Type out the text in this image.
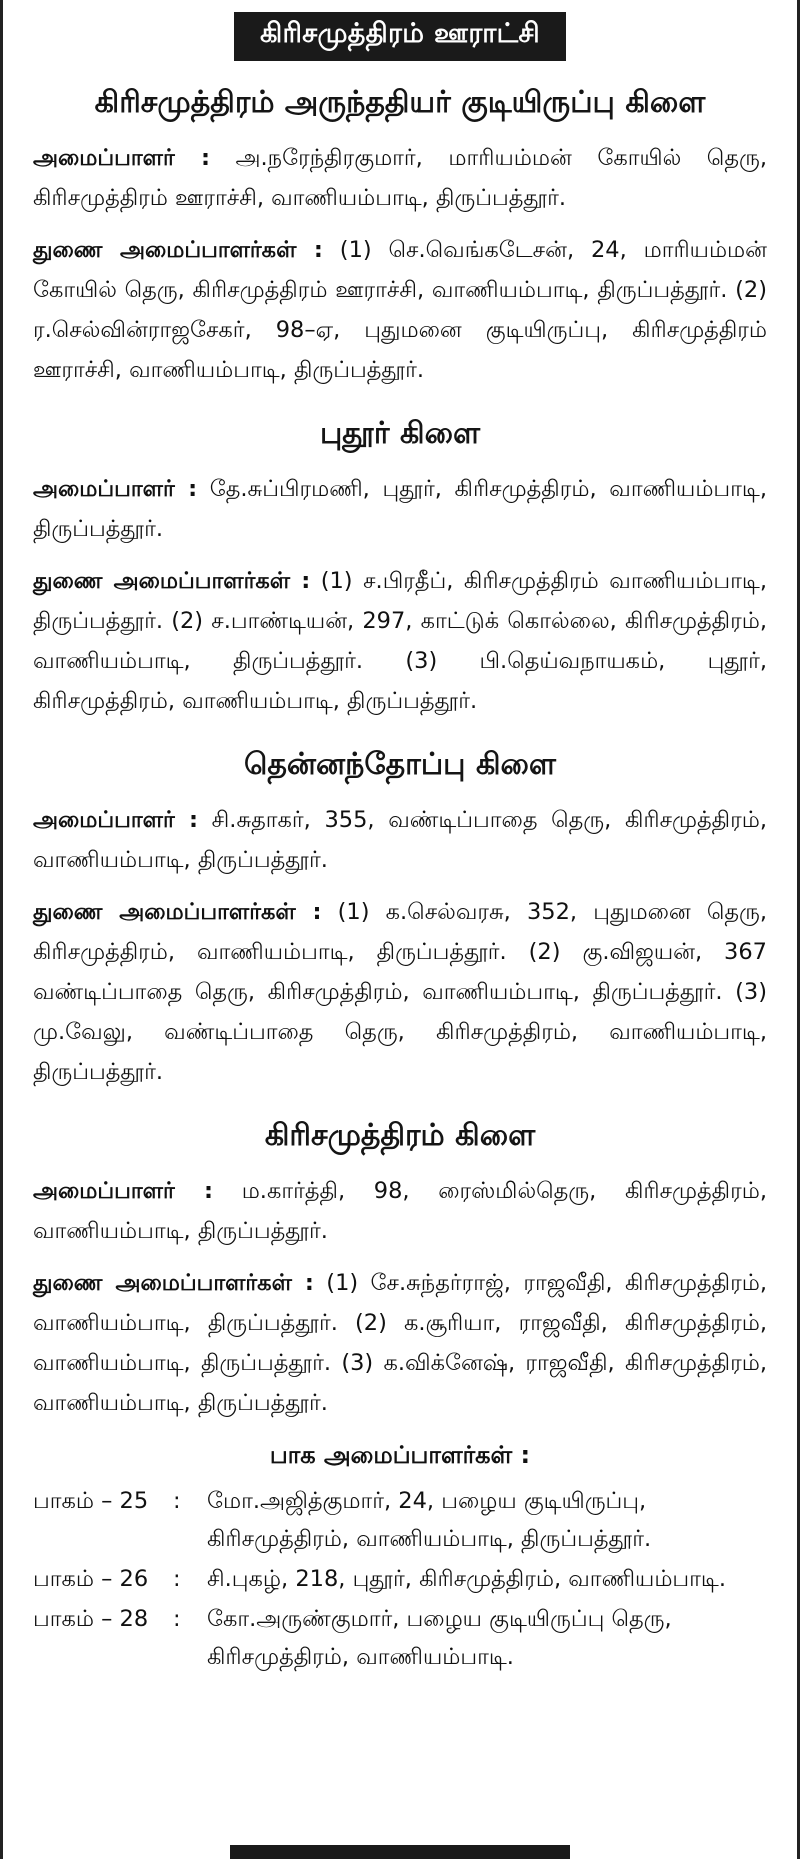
கிரிசமுத்திரம் ஊராட்சி
கிரிசமுத்திரம் அருந்ததியர் குடியிருப்பு கிளை

அமைப்பாளர் : அ.நரேந்திரகுமார், மாரியம்மன் கோயில் தெரு, கிரிசமுத்திரம் ஊராச்சி, வாணியம்பாடி, திருப்பத்தூர்.

துணை அமைப்பாளர்கள் : (1) செ.வெங்கடேசன், 24, மாரியம்மன் கோயில் தெரு, கிரிசமுத்திரம் ஊராச்சி, வாணியம்பாடி, திருப்பத்தூர். (2) ர.செல்வின்ராஜசேகர், 98–ஏ, புதுமனை குடியிருப்பு, கிரிசமுத்திரம் ஊராச்சி, வாணியம்பாடி, திருப்பத்தூர்.

புதூர் கிளை

அமைப்பாளர் : தே.சுப்பிரமணி, புதூர், கிரிசமுத்திரம், வாணியம்பாடி, திருப்பத்தூர்.

துணை அமைப்பாளர்கள் : (1) ச.பிரதீப், கிரிசமுத்திரம் வாணியம்பாடி, திருப்பத்தூர். (2) ச.பாண்டியன், 297, காட்டுக் கொல்லை, கிரிசமுத்திரம், வாணியம்பாடி, திருப்பத்தூர். (3) பி.தெய்வநாயகம், புதூர், கிரிசமுத்திரம், வாணியம்பாடி, திருப்பத்தூர்.

தென்னந்தோப்பு கிளை

அமைப்பாளர் : சி.சுதாகர், 355, வண்டிப்பாதை தெரு, கிரிசமுத்திரம், வாணியம்பாடி, திருப்பத்தூர்.

துணை அமைப்பாளர்கள் : (1) க.செல்வரசு, 352, புதுமனை தெரு, கிரிசமுத்திரம், வாணியம்பாடி, திருப்பத்தூர். (2) கு.விஜயன், 367 வண்டிப்பாதை தெரு, கிரிசமுத்திரம், வாணியம்பாடி, திருப்பத்தூர். (3) மு.வேலு, வண்டிப்பாதை தெரு, கிரிசமுத்திரம், வாணியம்பாடி, திருப்பத்தூர்.

கிரிசமுத்திரம் கிளை

அமைப்பாளர் : ம.கார்த்தி, 98, ரைஸ்மில்தெரு, கிரிசமுத்திரம், வாணியம்பாடி, திருப்பத்தூர்.

துணை அமைப்பாளர்கள் : (1) சே.சுந்தர்ராஜ், ராஜவீதி, கிரிசமுத்திரம், வாணியம்பாடி, திருப்பத்தூர். (2) க.சூரியா, ராஜவீதி, கிரிசமுத்திரம், வாணியம்பாடி, திருப்பத்தூர். (3) க.விக்னேஷ், ராஜவீதி, கிரிசமுத்திரம், வாணியம்பாடி, திருப்பத்தூர்.

பாக அமைப்பாளர்கள் :
பாகம் – 25	:	மோ.அஜித்குமார், 24, பழைய குடியிருப்பு, கிரிசமுத்திரம், வாணியம்பாடி, திருப்பத்தூர்.
பாகம் – 26	:	சி.புகழ், 218, புதூர், கிரிசமுத்திரம், வாணியம்பாடி.
பாகம் – 28	:	கோ.அருண்குமார், பழைய குடியிருப்பு தெரு, கிரிசமுத்திரம், வாணியம்பாடி.
